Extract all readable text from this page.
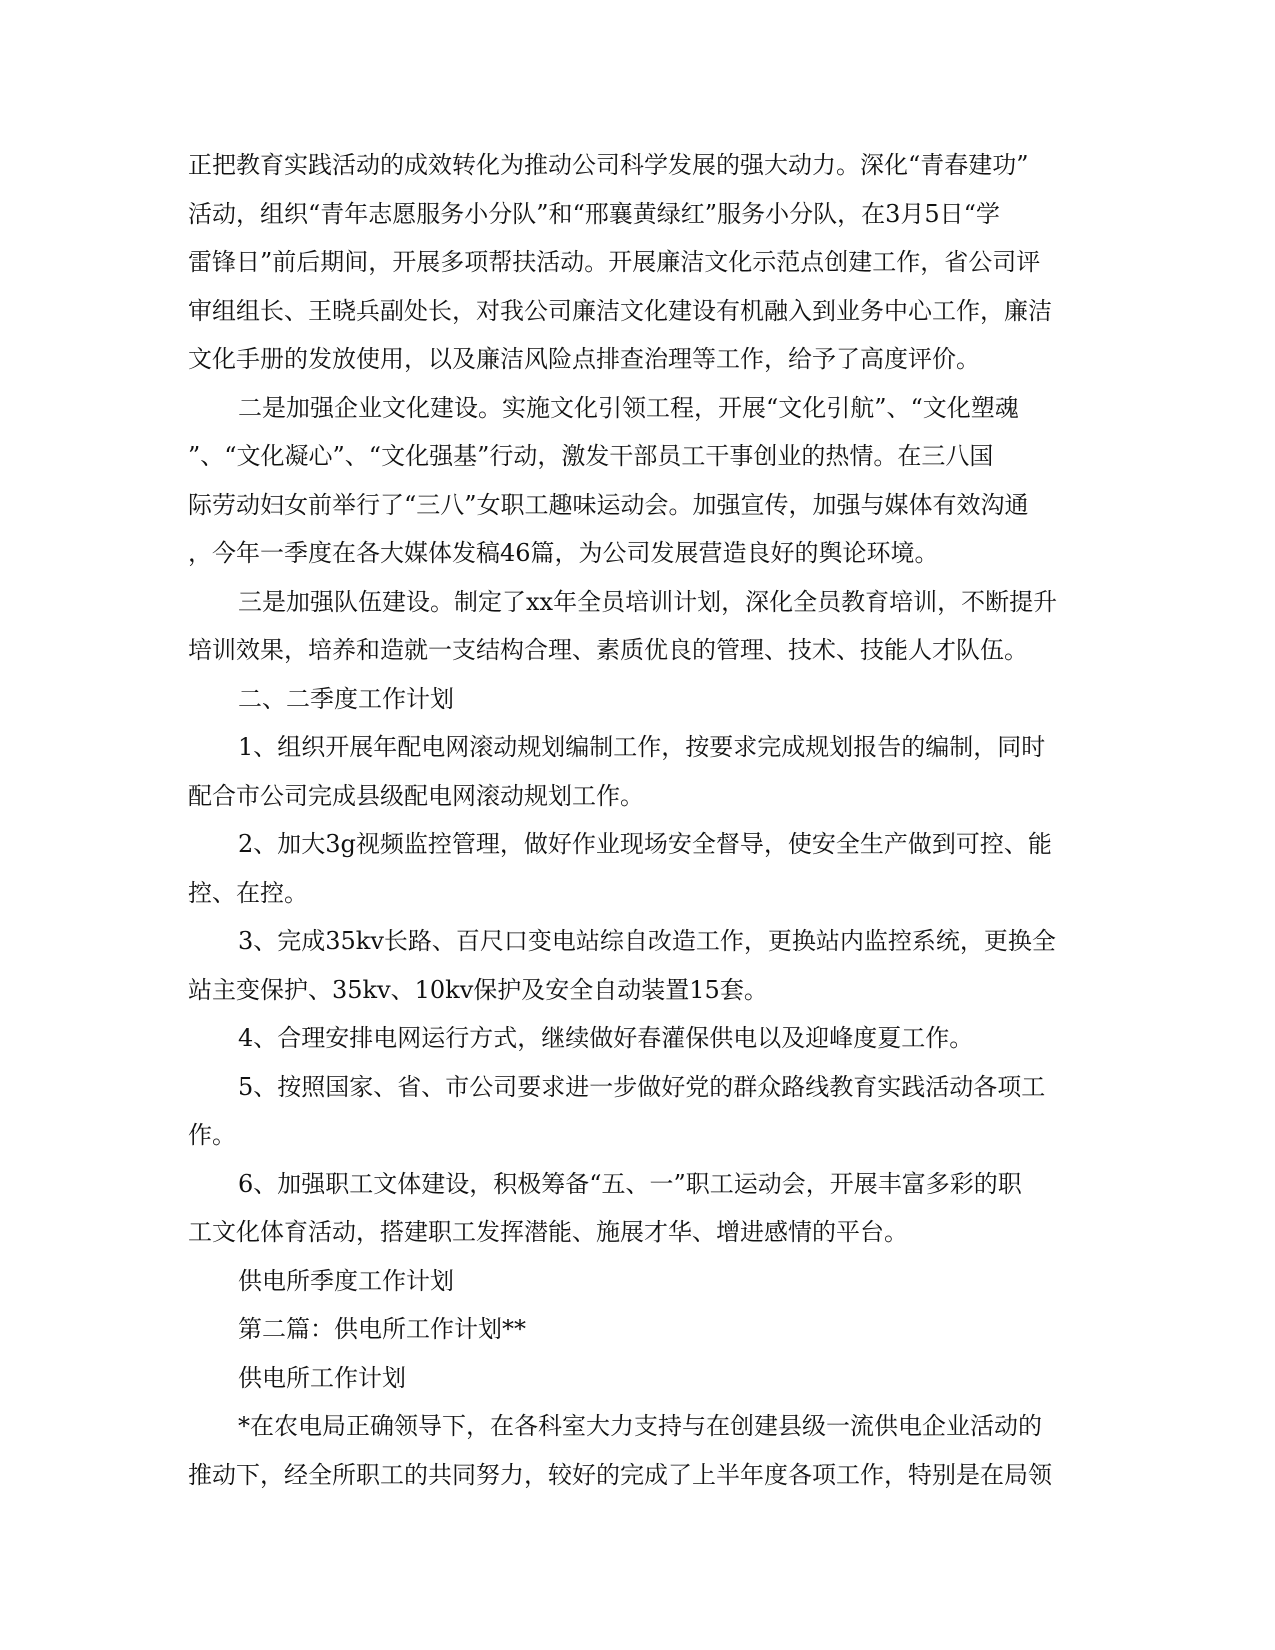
正把教育实践活动的成效转化为推动公司科学发展的强大动力。深化“青春建功”
活动，组织“青年志愿服务小分队”和“邢襄黄绿红”服务小分队，在3月5日“学
雷锋日”前后期间，开展多项帮扶活动。开展廉洁文化示范点创建工作，省公司评
审组组长、王晓兵副处长，对我公司廉洁文化建设有机融入到业务中心工作，廉洁
文化手册的发放使用，以及廉洁风险点排查治理等工作，给予了高度评价。
二是加强企业文化建设。实施文化引领工程，开展“文化引航”、“文化塑魂
”、“文化凝心”、“文化强基”行动，激发干部员工干事创业的热情。在三八国
际劳动妇女前举行了“三八”女职工趣味运动会。加强宣传，加强与媒体有效沟通
，今年一季度在各大媒体发稿46篇，为公司发展营造良好的舆论环境。
三是加强队伍建设。制定了xx年全员培训计划，深化全员教育培训，不断提升
培训效果，培养和造就一支结构合理、素质优良的管理、技术、技能人才队伍。
二、二季度工作计划
1、组织开展年配电网滚动规划编制工作，按要求完成规划报告的编制，同时
配合市公司完成县级配电网滚动规划工作。
2、加大3g视频监控管理，做好作业现场安全督导，使安全生产做到可控、能
控、在控。
3、完成35kv长路、百尺口变电站综自改造工作，更换站内监控系统，更换全
站主变保护、35kv、10kv保护及安全自动装置15套。
4、合理安排电网运行方式，继续做好春灌保供电以及迎峰度夏工作。
5、按照国家、省、市公司要求进一步做好党的群众路线教育实践活动各项工
作。
6、加强职工文体建设，积极筹备“五、一”职工运动会，开展丰富多彩的职
工文化体育活动，搭建职工发挥潜能、施展才华、增进感情的平台。
供电所季度工作计划
第二篇：供电所工作计划**
供电所工作计划
*在农电局正确领导下，在各科室大力支持与在创建县级一流供电企业活动的
推动下，经全所职工的共同努力，较好的完成了上半年度各项工作，特别是在局领
